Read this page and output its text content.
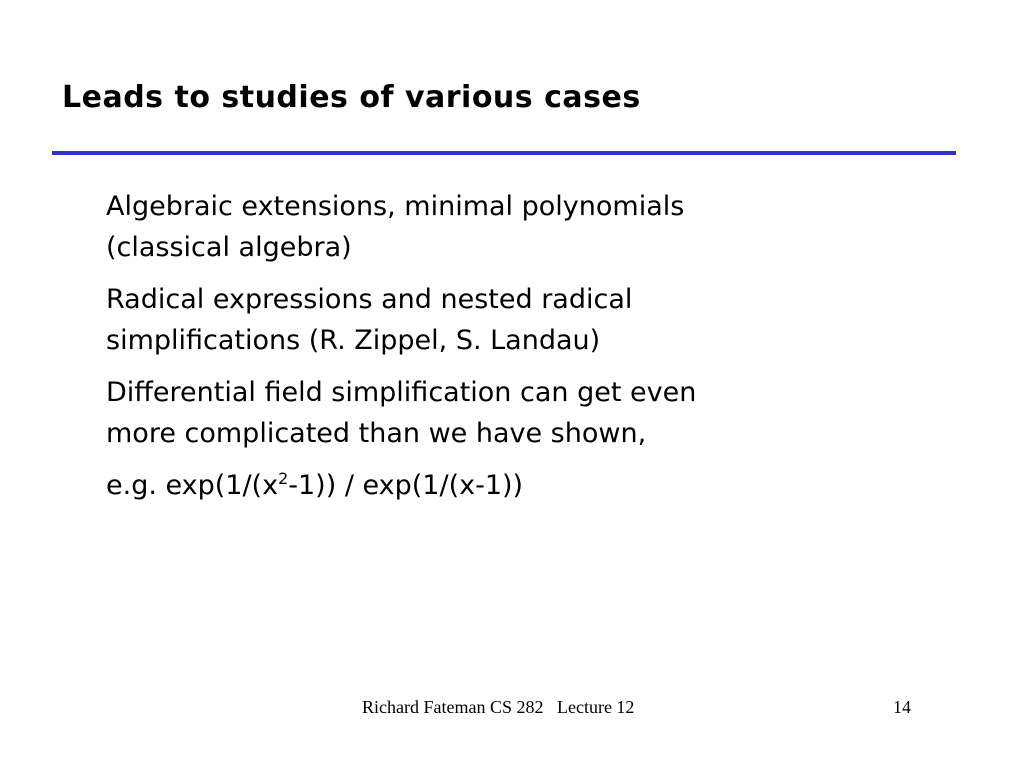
Leads to studies of various cases
Algebraic extensions, minimal polynomials
(classical algebra)
Radical expressions and nested radical
simplifications (R. Zippel, S. Landau)
Differential field simplification can get even
more complicated than we have shown,
e.g. $\exp(1/(x^2-1)) / \exp(1/(x-1))$
Richard Fateman CS 282   Lecture 12	14
